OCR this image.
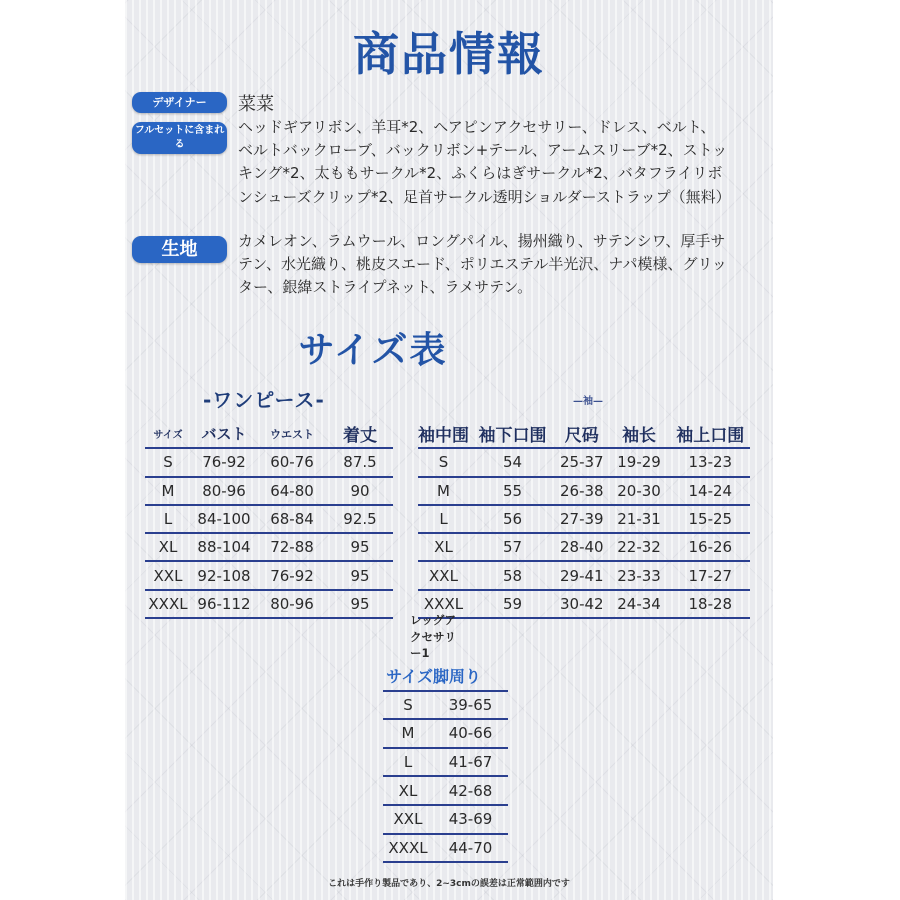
商品情報
デザイナー	菜菜
フルセットに含まれる
ヘッドギアリボン、羊耳*2、ヘアピンアクセサリー、ドレス、ベルト、ベルトバックローブ、バックリボン+テール、アームスリーブ*2、ストッキング*2、太ももサークル*2、ふくらはぎサークル*2、バタフライリボンシューズクリップ*2、足首サークル透明ショルダーストラップ（無料）
生地	カメレオン、ラムウール、ロングパイル、揚州織り、サテンシワ、厚手サテン、水光織り、桃皮スエード、ポリエステル半光沢、ナパ模様、グリッター、銀緯ストライプネット、ラメサテン。
サイズ表
-ワンピース-	—袖—
サイズ	バスト	ウエスト	着丈
S	76-92	60-76	87.5
M	80-96	64-80	90
L	84-100	68-84	92.5
XL	88-104	72-88	95
XXL	92-108	76-92	95
XXXL	96-112	80-96	95
袖中围	袖下口围	尺码	袖长	袖上口围
S	54	25-37	19-29	13-23
M	55	26-38	20-30	14-24
L	56	27-39	21-31	15-25
XL	57	28-40	22-32	16-26
XXL	58	29-41	23-33	17-27
XXXL	59	30-42	24-34	18-28
レッグア
クセサリ
ー1
サイズ	脚周り
S	39-65
M	40-66
L	41-67
XL	42-68
XXL	43-69
XXXL	44-70
これは手作り製品であり、2~3cmの誤差は正常範囲内です
